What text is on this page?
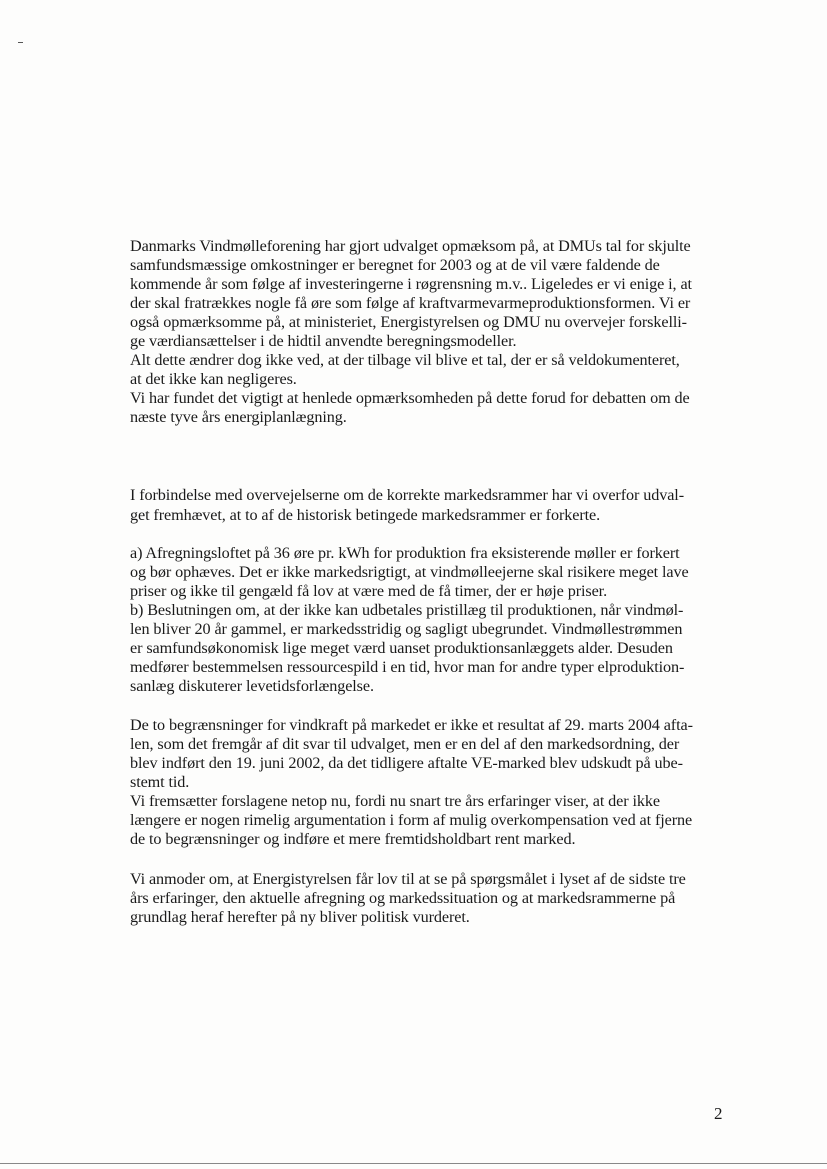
Danmarks Vindmølleforening har gjort udvalget opmæksom på, at DMUs tal for skjulte
samfundsmæssige omkostninger er beregnet for 2003 og at de vil være faldende de
kommende år som følge af investeringerne i røgrensning m.v.. Ligeledes er vi enige i, at
der skal fratrækkes nogle få øre som følge af kraftvarmevarmeproduktionsformen. Vi er
også opmærksomme på, at ministeriet, Energistyrelsen og DMU nu overvejer forskelli-
ge værdiansættelser i de hidtil anvendte beregningsmodeller.
Alt dette ændrer dog ikke ved, at der tilbage vil blive et tal, der er så veldokumenteret,
at det ikke kan negligeres.
Vi har fundet det vigtigt at henlede opmærksomheden på dette forud for debatten om de
næste tyve års energiplanlægning.
I forbindelse med overvejelserne om de korrekte markedsrammer har vi overfor udval-
get fremhævet, at to af de historisk betingede markedsrammer er forkerte.
a) Afregningsloftet på 36 øre pr. kWh for produktion fra eksisterende møller er forkert
og bør ophæves. Det er ikke markedsrigtigt, at vindmølleejerne skal risikere meget lave
priser og ikke til gengæld få lov at være med de få timer, der er høje priser.
b) Beslutningen om, at der ikke kan udbetales pristillæg til produktionen, når vindmøl-
len bliver 20 år gammel, er markedsstridig og sagligt ubegrundet. Vindmøllestrømmen
er samfundsøkonomisk lige meget værd uanset produktionsanlæggets alder. Desuden
medfører bestemmelsen ressourcespild i en tid, hvor man for andre typer elproduktion-
sanlæg diskuterer levetidsforlængelse.
De to begrænsninger for vindkraft på markedet er ikke et resultat af 29. marts 2004 afta-
len, som det fremgår af dit svar til udvalget, men er en del af den markedsordning, der
blev indført den 19. juni 2002, da det tidligere aftalte VE-marked blev udskudt på ube-
stemt tid.
Vi fremsætter forslagene netop nu, fordi nu snart tre års erfaringer viser, at der ikke
længere er nogen rimelig argumentation i form af mulig overkompensation ved at fjerne
de to begrænsninger og indføre et mere fremtidsholdbart rent marked.
Vi anmoder om, at Energistyrelsen får lov til at se på spørgsmålet i lyset af de sidste tre
års erfaringer, den aktuelle afregning og markedssituation og at markedsrammerne på
grundlag heraf herefter på ny bliver politisk vurderet.
2
